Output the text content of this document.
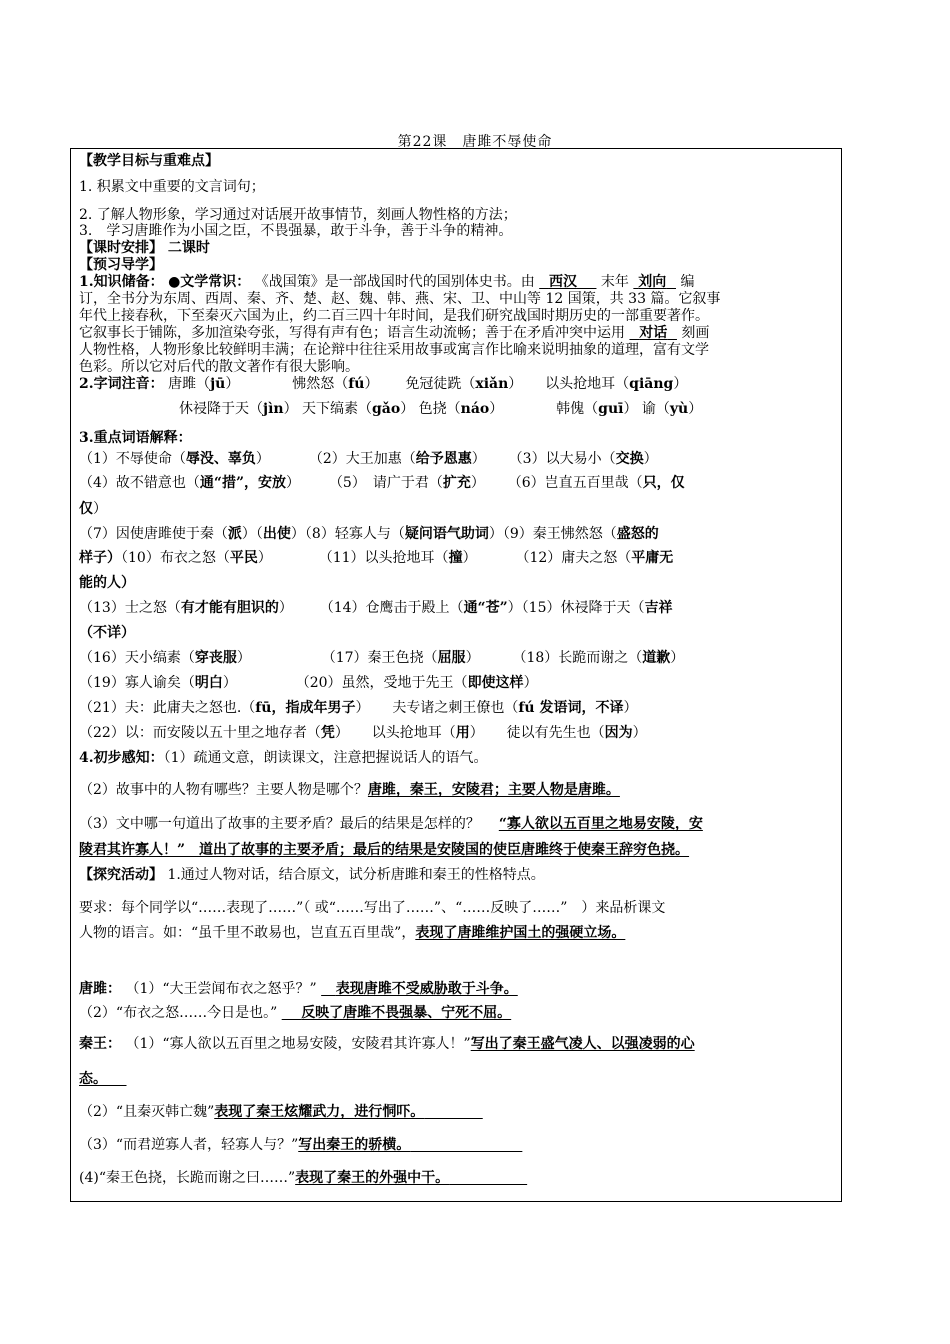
第22课　唐雎不辱使命
【教学目标与重难点】
1. 积累文中重要的文言词句；
2. 了解人物形象，学习通过对话展开故事情节，刻画人物性格的方法；
3.　学习唐雎作为小国之臣，不畏强暴，敢于斗争，善于斗争的精神。
【课时安排】 二课时
【预习导学】
1.知识储备： ●文学常识： 《战国策》是一部战国时代的国别体史书。由 西汉 末年 刘向 编
订，全书分为东周、西周、秦、齐、楚、赵、魏、韩、燕、宋、卫、中山等 12 国策，共 33 篇。它叙事
年代上接春秋，下至秦灭六国为止，约二百三四十年时间，是我们研究战国时期历史的一部重要著作。
它叙事长于铺陈，多加渲染夸张，写得有声有色；语言生动流畅；善于在矛盾冲突中运用 对话 刻画
人物性格，人物形象比较鲜明丰满；在论辩中往往采用故事或寓言作比喻来说明抽象的道理，富有文学
色彩。所以它对后代的散文著作有很大影响。
2.字词注音： 唐雎（jū）	怫然怒（fú） 免冠徒跣（xiǎn） 以头抢地耳（qiāng）
休祲降于天（jìn） 天下缟素（gǎo） 色挠（náo）	韩傀（guī） 谕（yù）
3.重点词语解释：
（1）不辱使命（辱没、辜负）	（2）大王加惠（给予恩惠） （3）以大易小（交换）
（4）故不错意也（通“措”，安放） （5）　请广于君（扩充） （6）岂直五百里哉（只，仅
仅）
（7）因使唐雎使于秦（派）（出使）（8）轻寡人与（疑问语气助词）（9）秦王怫然怒（盛怒的
样子）（10）布衣之怒（平民）	（11）以头抢地耳（撞）	（12）庸夫之怒（平庸无
能的人）
（13）士之怒（有才能有胆识的） （14）仓鹰击于殿上（通“苍”）（15）休祲降于天（吉祥
（不详）
（16）天小缟素（穿丧服）	（17）秦王色挠（屈服） （18）长跪而谢之（道歉）
（19）寡人谕矣（明白）	（20）虽然，受地于先王（即使这样）
（21）夫：此庸夫之怒也.（fū，指成年男子） 夫专诸之刺王僚也（fú 发语词，不译）
（22）以：而安陵以五十里之地存者（凭） 以头抢地耳（用） 徒以有先生也（因为）
4.初步感知：（1）疏通文意，朗读课文，注意把握说话人的语气。
（2）故事中的人物有哪些？主要人物是哪个？唐雎，秦王，安陵君；主要人物是唐雎。
（3）文中哪一句道出了故事的主要矛盾？最后的结果是怎样的？ “寡人欲以五百里之地易安陵，安
陵君其许寡人！”　道出了故事的主要矛盾；最后的结果是安陵国的使臣唐雎终于使秦王辞穷色挠。
【探究活动】 1.通过人物对话，结合原文，试分析唐雎和秦王的性格特点。
要求：每个同学以“……表现了……”（ 或“……写出了……”、“……反映了……”　）来品析课文
人物的语言。如：“虽千里不敢易也，岂直五百里哉”，表现了唐雎维护国土的强硬立场。
唐雎： （1）“大王尝闻布衣之怒乎？” 表现唐雎不受威胁敢于斗争。
（2）“布衣之怒……今日是也。” 反映了唐雎不畏强暴、宁死不屈。
秦王： （1）“寡人欲以五百里之地易安陵，安陵君其许寡人！”写出了秦王盛气凌人、以强凌弱的心
态。
（2）“且秦灭韩亡魏”表现了秦王炫耀武力，进行恫吓。
（3）“而君逆寡人者，轻寡人与？”写出秦王的骄横。
(4)“秦王色挠，长跪而谢之曰……”表现了秦王的外强中干。
